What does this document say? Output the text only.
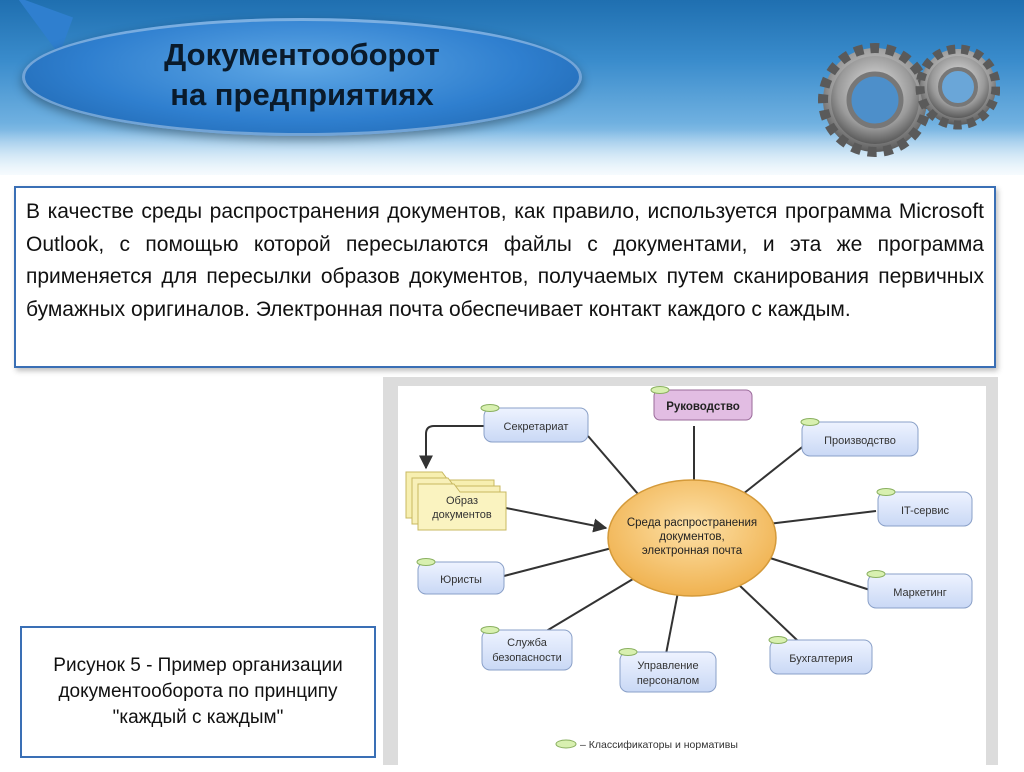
Документооборот
на предприятиях

В качестве среды распространения документов, как правило, используется программа Microsoft Outlook, с помощью которой пересылаются файлы с документами, и эта же программа применяется для пересылки образов документов, получаемых путем сканирования первичных бумажных оригиналов. Электронная почта обеспечивает контакт каждого с каждым.

Среда распространения
документов,
электронная почта
Руководство
Секретариат
Образ
документов
Юристы
Служба
безопасности
Управление
персоналом
Бухгалтерия
Маркетинг
IT-сервис
Производство
– Классификаторы и нормативы
Рисунок 5 - Пример организации документооборота по принципу "каждый с каждым"
